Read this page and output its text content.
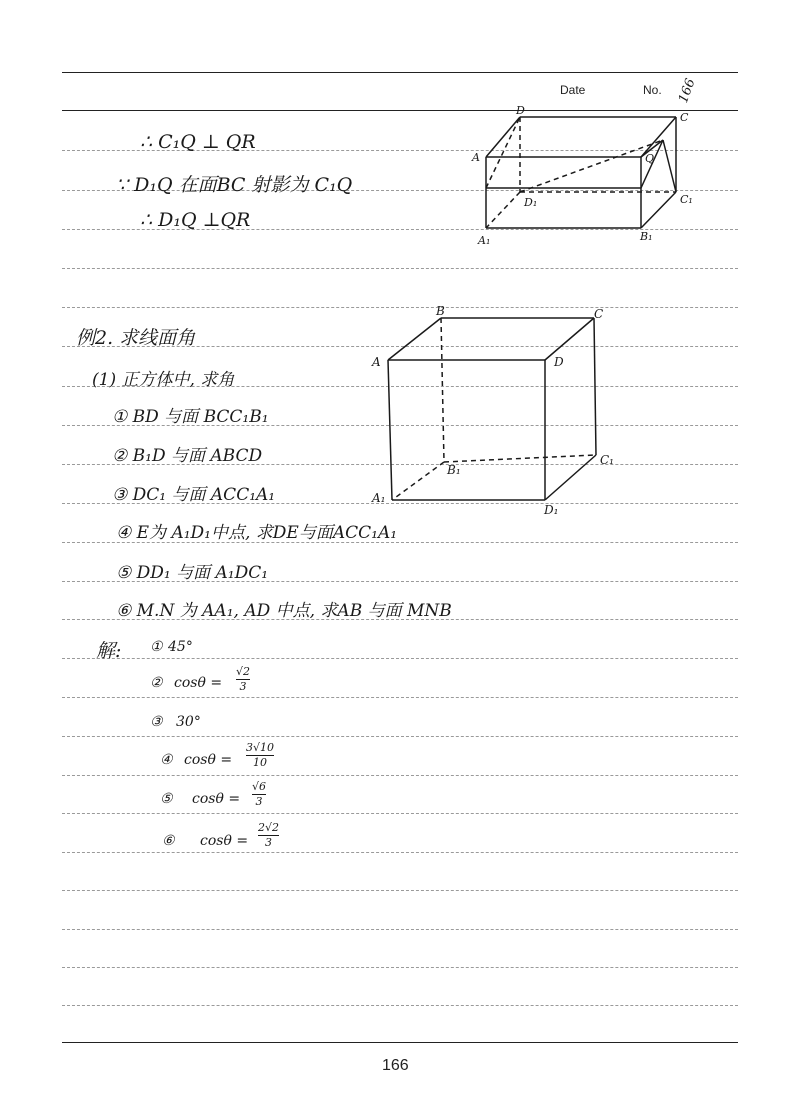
Date	No. 166
∴ C₁Q ⊥ QR
∵ D₁Q 在面BC 射影为 C₁Q
∴ D₁Q ⊥QR
例2. 求线面角
(1) 正方体中, 求角
① BD 与面 BCC₁B₁
② B₁D 与面 ABCD
③ DC₁ 与面 ACC₁A₁
④ E为 A₁D₁中点, 求DE与面ACC₁A₁
⑤ DD₁ 与面 A₁DC₁
⑥ M.N 为 AA₁, AD 中点, 求AB 与面 MNB
解: ① 45°
② cosθ =
√2
3
③ 30°
④ cosθ =
3√10
10
⑤ cosθ =
√6
3
⑥ cosθ =
2√2
3
D
C
A	Q
D₁	C₁
A₁	B₁
B	C
A	D
B₁
C₁
A₁
D₁
166
